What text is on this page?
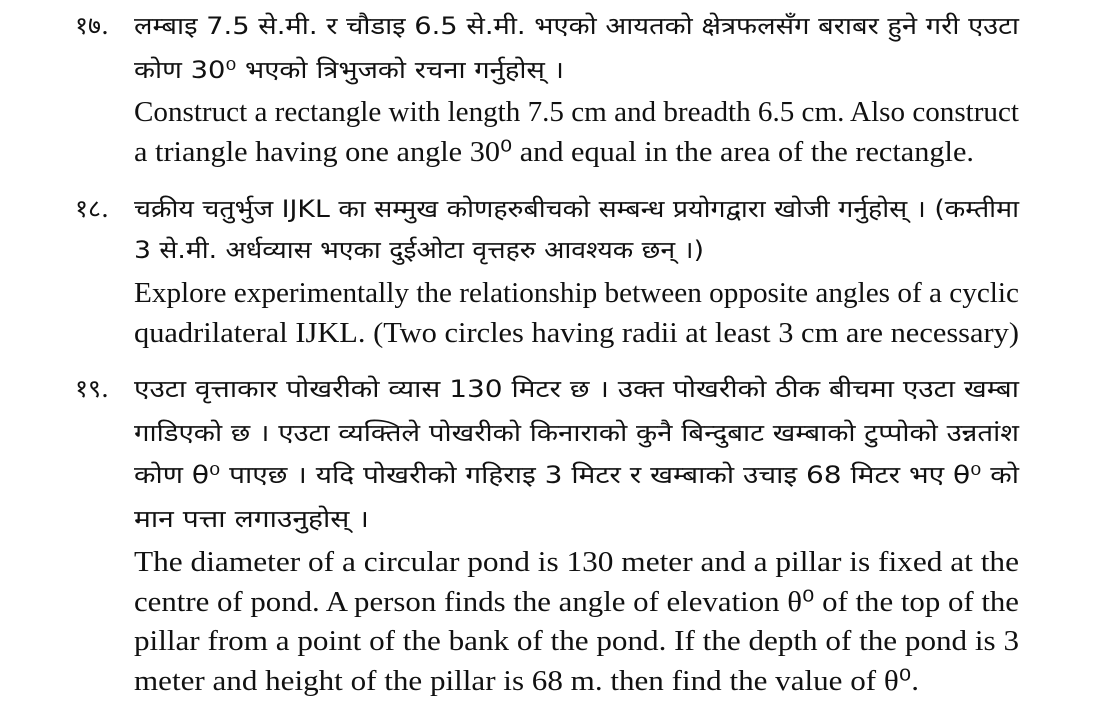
१७. लम्बाइ 7.5 से.मी. र चौडाइ 6.5 से.मी. भएको आयतको क्षेत्रफलसँग बराबर हुने गरी एउटा
कोण 30⁰ भएको त्रिभुजको रचना गर्नुहोस् ।
Construct a rectangle with length 7.5 cm and breadth 6.5 cm. Also construct
a triangle having one angle 30⁰ and equal in the area of the rectangle.
१८. चक्रीय चतुर्भुज IJKL का सम्मुख कोणहरुबीचको सम्बन्ध प्रयोगद्वारा खोजी गर्नुहोस् । (कम्तीमा
3 से.मी. अर्धव्यास भएका दुईओटा वृत्तहरु आवश्यक छन् ।)
Explore experimentally the relationship between opposite angles of a cyclic
quadrilateral IJKL. (Two circles having radii at least 3 cm are necessary)
१९. एउटा वृत्ताकार पोखरीको व्यास 130 मिटर छ । उक्त पोखरीको ठीक बीचमा एउटा खम्बा
गाडिएको छ । एउटा व्यक्तिले पोखरीको किनाराको कुनै बिन्दुबाट खम्बाको टुप्पोको उन्नतांश
कोण θ⁰ पाएछ । यदि पोखरीको गहिराइ 3 मिटर र खम्बाको उचाइ 68 मिटर भए θ⁰ को
मान पत्ता लगाउनुहोस् ।
The diameter of a circular pond is 130 meter and a pillar is fixed at the
centre of pond. A person finds the angle of elevation θ⁰ of the top of the
pillar from a point of the bank of the pond. If the depth of the pond is 3
meter and height of the pillar is 68 m. then find the value of θ⁰.
